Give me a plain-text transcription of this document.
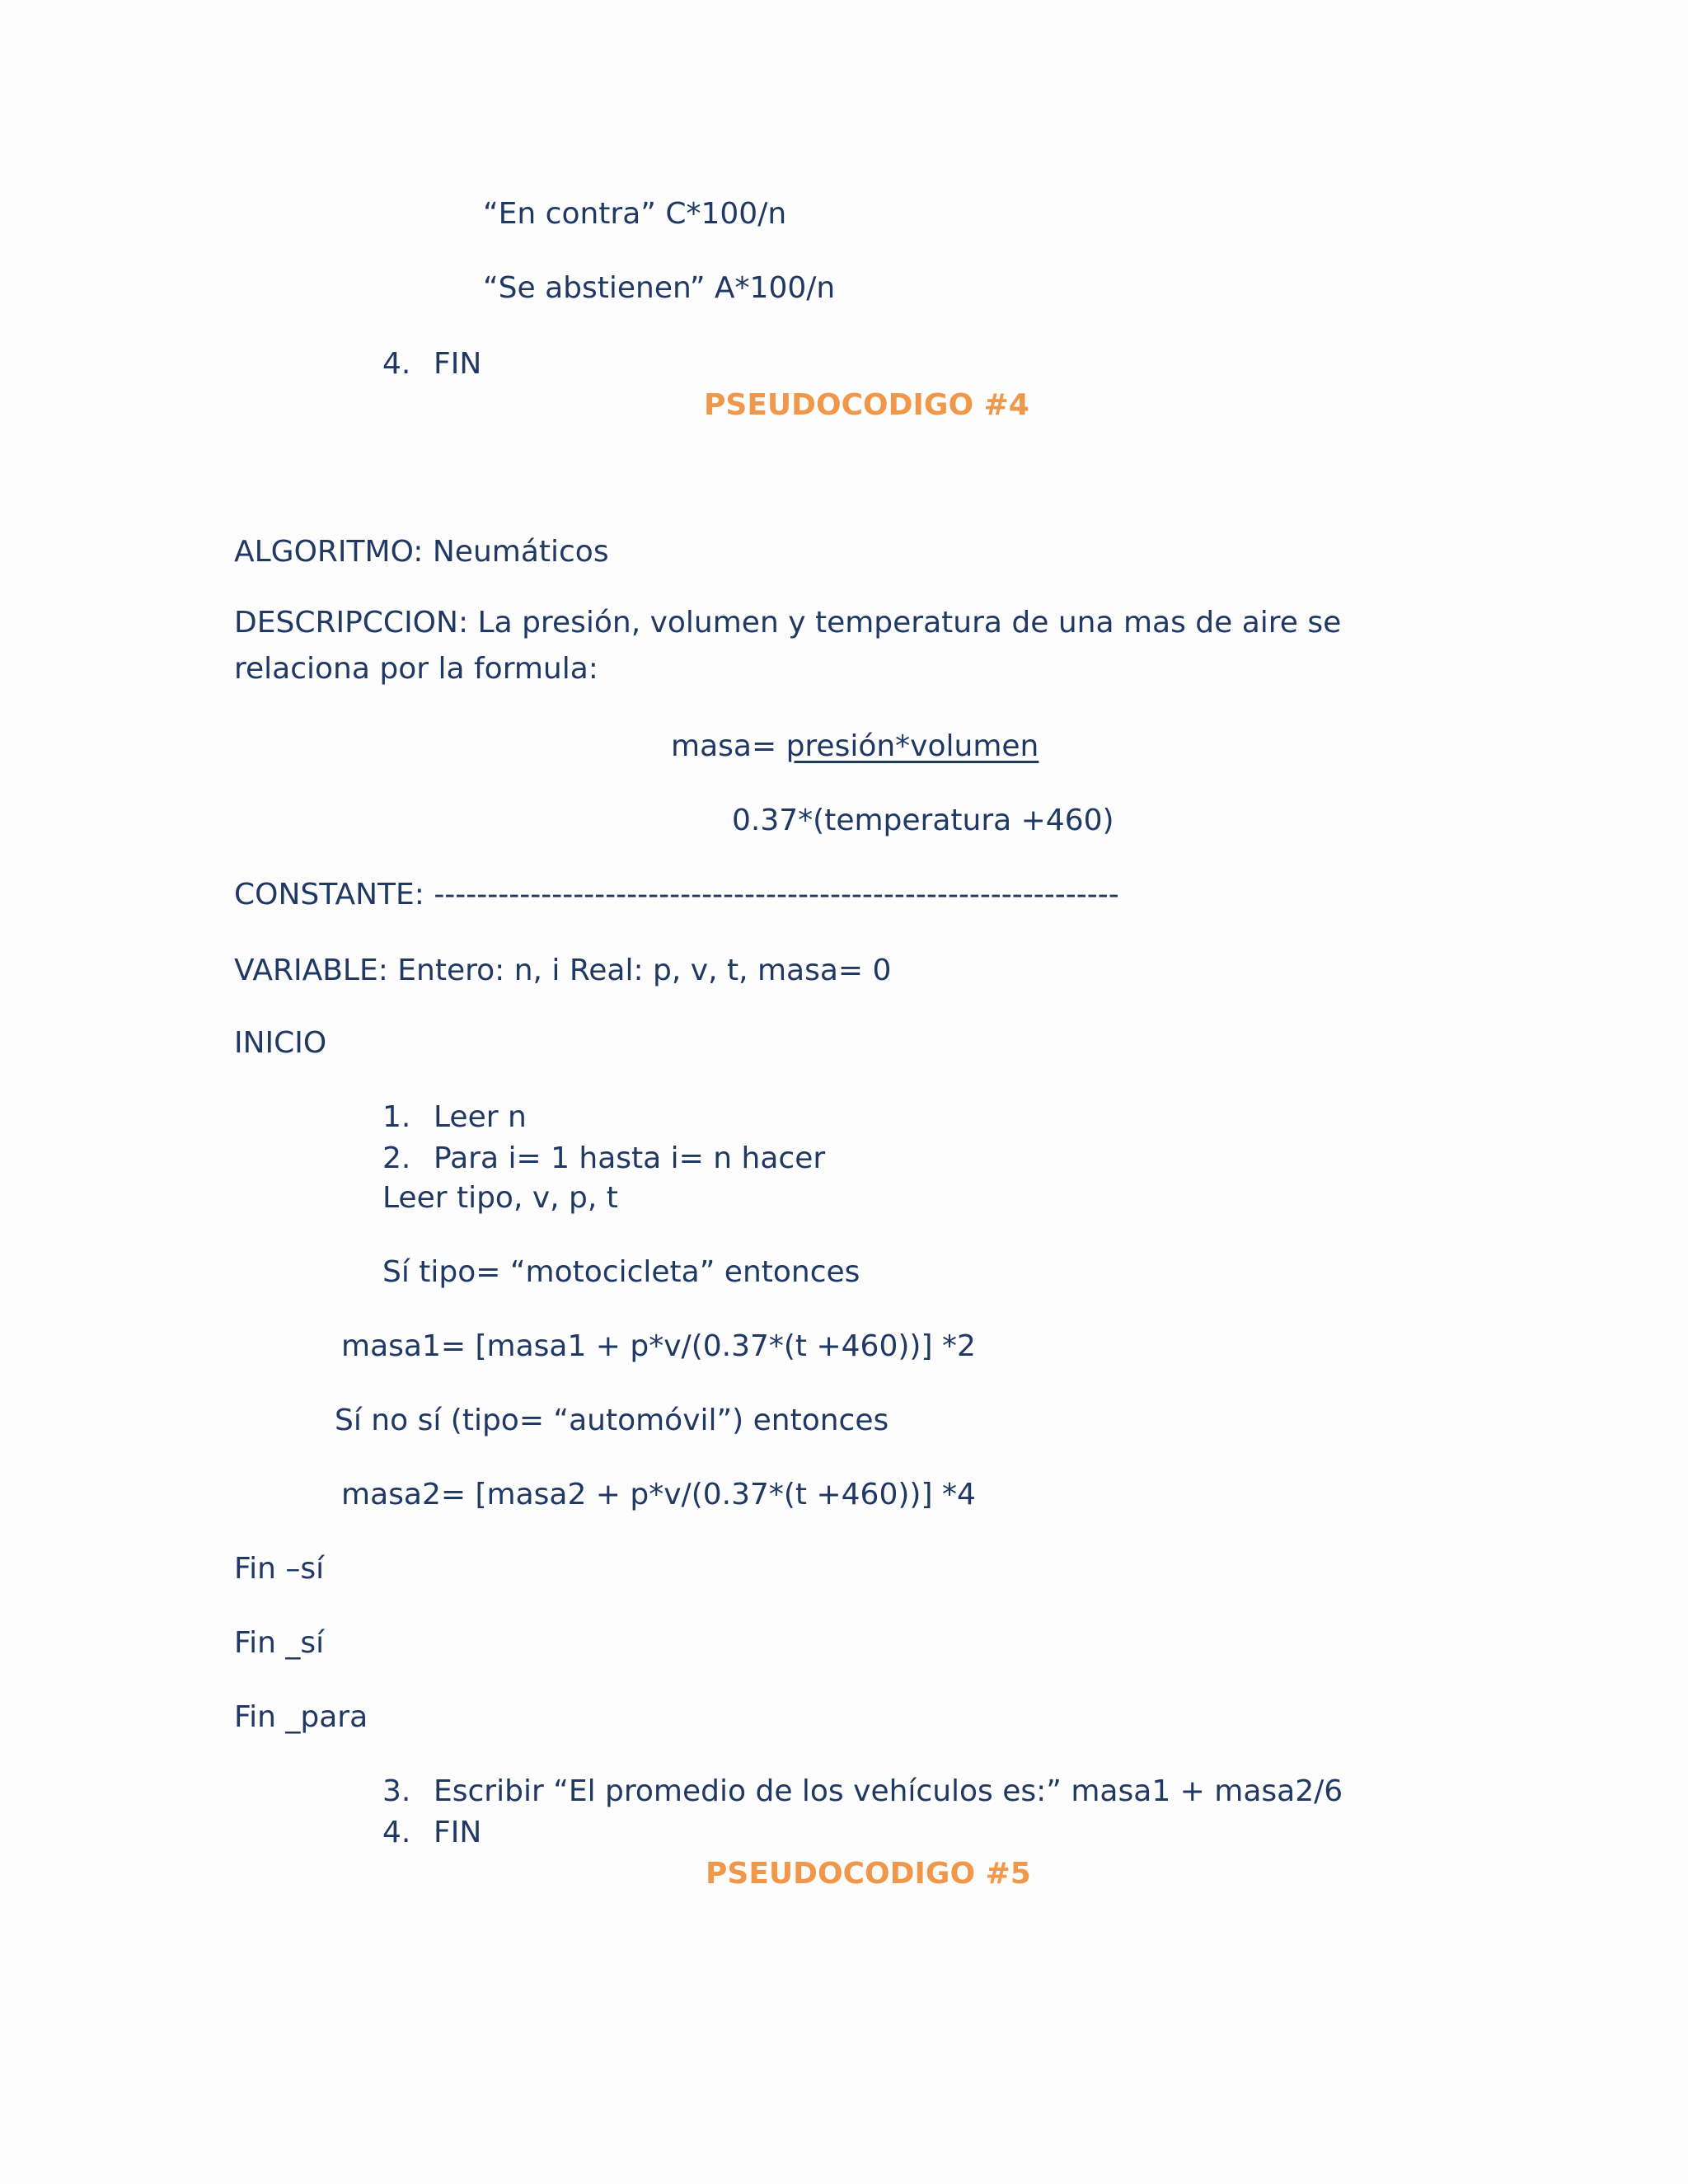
“En contra” C*100/n
“Se abstienen” A*100/n
4. FIN
PSEUDOCODIGO #4
ALGORITMO: Neumáticos
DESCRIPCCION: La presión, volumen y temperatura de una mas de aire se relaciona por la formula:
masa= presión*volumen
0.37*(temperatura +460)
CONSTANTE: ----------------------------------------------------------------
VARIABLE: Entero: n, i Real: p, v, t, masa= 0
INICIO
1. Leer n
2. Para i= 1 hasta i= n hacer
Leer tipo, v, p, t
Sí tipo= “motocicleta” entonces
masa1= [masa1 + p*v/(0.37*(t +460))] *2
Sí no sí (tipo= “automóvil”) entonces
masa2= [masa2 + p*v/(0.37*(t +460))] *4
Fin –sí
Fin _sí
Fin _para
3. Escribir “El promedio de los vehículos es:” masa1 + masa2/6
4. FIN
PSEUDOCODIGO #5
